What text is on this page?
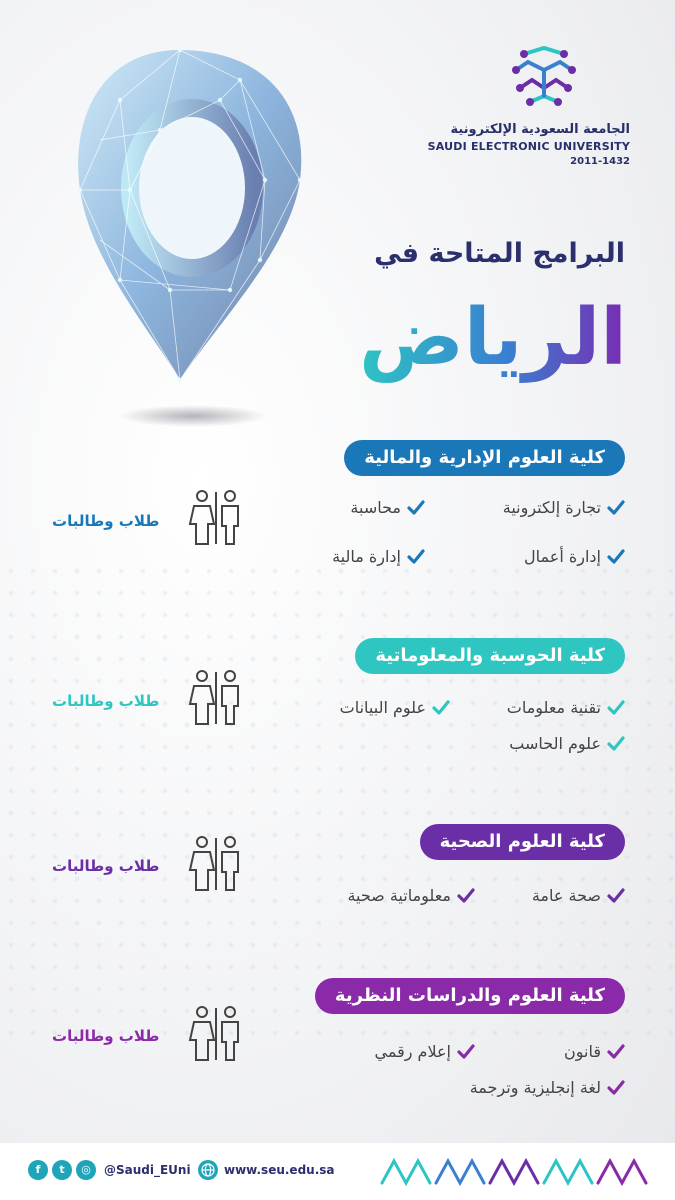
الجامعة السعودية الإلكترونية
SAUDI ELECTRONIC UNIVERSITY
2011-1432
البرامج المتاحة في
الرياض
كلية العلوم الإدارية والمالية
تجارة إلكترونية
محاسبة
إدارة أعمال
إدارة مالية
طلاب وطالبات
كلية الحوسبة والمعلوماتية
تقنية معلومات
علوم البيانات
علوم الحاسب
طلاب وطالبات
كلية العلوم الصحية
صحة عامة
معلوماتية صحية
طلاب وطالبات
كلية العلوم والدراسات النظرية
قانون
إعلام رقمي
لغة إنجليزية وترجمة
طلاب وطالبات
f	t	◎	@Saudi_EUni	www.seu.edu.sa
